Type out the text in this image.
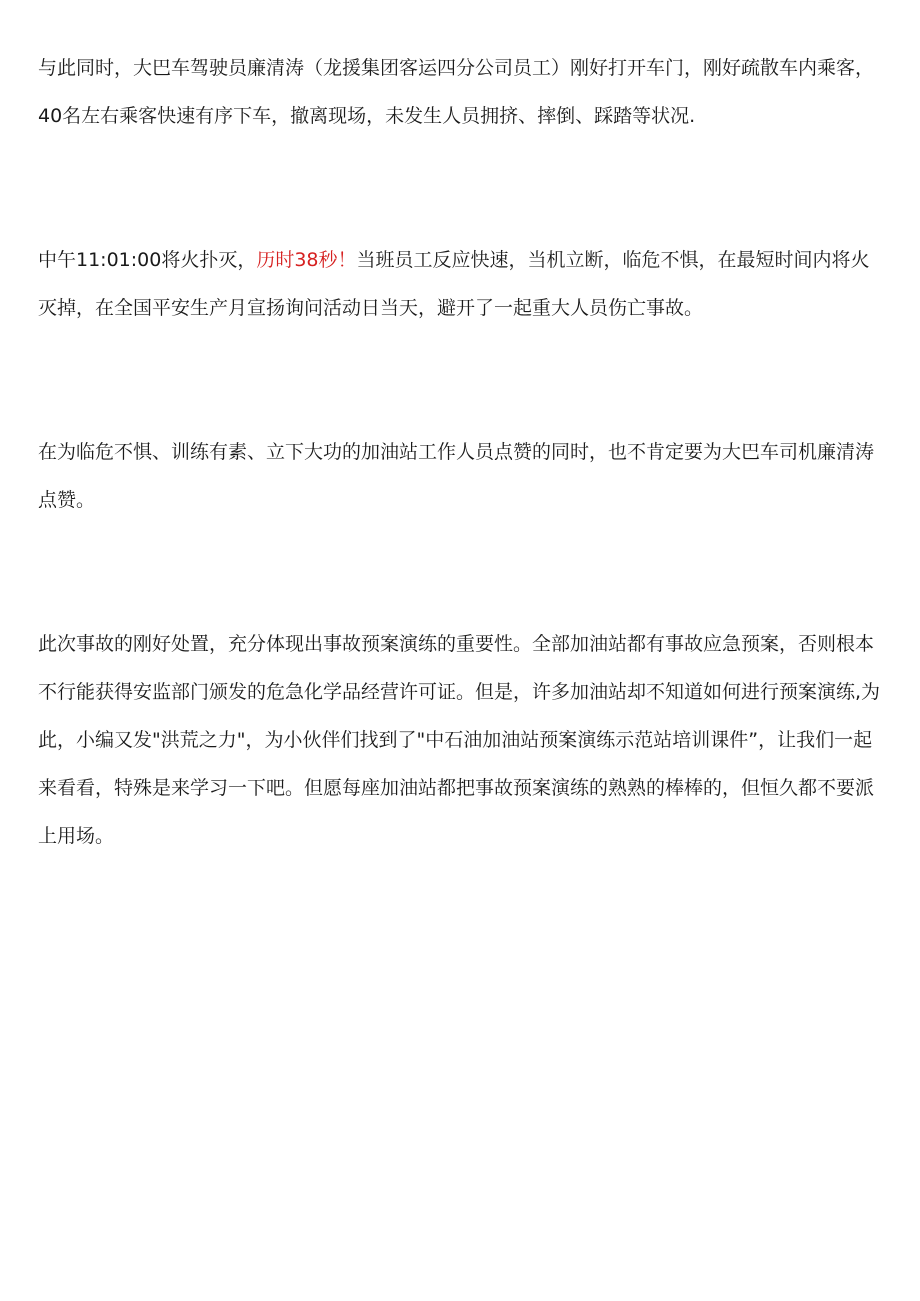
与此同时，大巴车驾驶员廉清涛（龙援集团客运四分公司员工）刚好打开车门，刚好疏散车内乘客，40名左右乘客快速有序下车，撤离现场，未发生人员拥挤、摔倒、踩踏等状况.

中午11:01:00将火扑灭，历时38秒！当班员工反应快速，当机立断，临危不惧，在最短时间内将火灭掉，在全国平安生产月宣扬询问活动日当天，避开了一起重大人员伤亡事故。

在为临危不惧、训练有素、立下大功的加油站工作人员点赞的同时，也不肯定要为大巴车司机廉清涛点赞。

此次事故的刚好处置，充分体现出事故预案演练的重要性。全部加油站都有事故应急预案，否则根本不行能获得安监部门颁发的危急化学品经营许可证。但是，许多加油站却不知道如何进行预案演练,为此，小编又发"洪荒之力"，为小伙伴们找到了"中石油加油站预案演练示范站培训课件”，让我们一起来看看，特殊是来学习一下吧。但愿每座加油站都把事故预案演练的熟熟的棒棒的，但恒久都不要派上用场。
